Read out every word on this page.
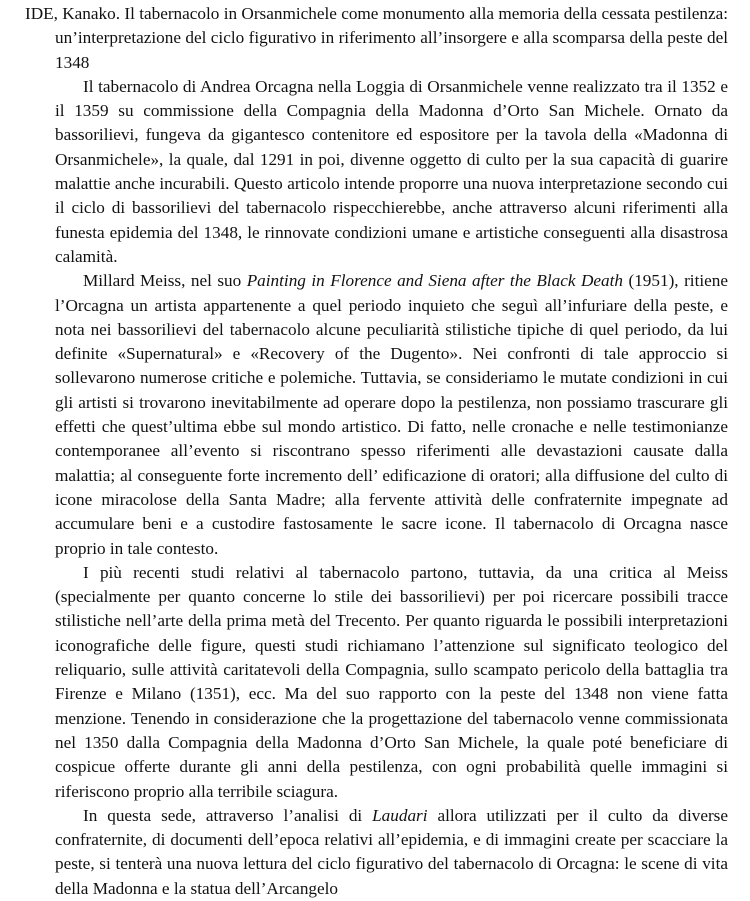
IDE, Kanako. Il tabernacolo in Orsanmichele come monumento alla memoria della cessata pestilenza: un’interpretazione del ciclo figurativo in riferimento all’insorgere e alla scomparsa della peste del 1348

Il tabernacolo di Andrea Orcagna nella Loggia di Orsanmichele venne realizzato tra il 1352 e il 1359 su commissione della Compagnia della Madonna d’Orto San Michele. Ornato da bassorilievi, fungeva da gigantesco contenitore ed espositore per la tavola della «Madonna di Orsanmichele», la quale, dal 1291 in poi, divenne oggetto di culto per la sua capacità di guarire malattie anche incurabili. Questo articolo intende proporre una nuova interpretazione secondo cui il ciclo di bassorilievi del tabernacolo rispecchierebbe, anche attraverso alcuni riferimenti alla funesta epidemia del 1348, le rinnovate condizioni umane e artistiche conseguenti alla disastrosa calamità.

Millard Meiss, nel suo Painting in Florence and Siena after the Black Death (1951), ritiene l’Orcagna un artista appartenente a quel periodo inquieto che seguì all’infuriare della peste, e nota nei bassorilievi del tabernacolo alcune peculiarità stilistiche tipiche di quel periodo, da lui definite «Supernatural» e «Recovery of the Dugento». Nei confronti di tale approccio si sollevarono numerose critiche e polemiche. Tuttavia, se consideriamo le mutate condizioni in cui gli artisti si trovarono inevitabilmente ad operare dopo la pestilenza, non possiamo trascurare gli effetti che quest’ultima ebbe sul mondo artistico. Di fatto, nelle cronache e nelle testimonianze contemporanee all’evento si riscontrano spesso riferimenti alle devastazioni causate dalla malattia; al conseguente forte incremento dell’ edificazione di oratori; alla diffusione del culto di icone miracolose della Santa Madre; alla fervente attività delle confraternite impegnate ad accumulare beni e a custodire fastosamente le sacre icone. Il tabernacolo di Orcagna nasce proprio in tale contesto.

I più recenti studi relativi al tabernacolo partono, tuttavia, da una critica al Meiss (specialmente per quanto concerne lo stile dei bassorilievi) per poi ricercare possibili tracce stilistiche nell’arte della prima metà del Trecento. Per quanto riguarda le possibili interpretazioni iconografiche delle figure, questi studi richiamano l’attenzione sul significato teologico del reliquario, sulle attività caritatevoli della Compagnia, sullo scampato pericolo della battaglia tra Firenze e Milano (1351), ecc. Ma del suo rapporto con la peste del 1348 non viene fatta menzione. Tenendo in considerazione che la progettazione del tabernacolo venne commissionata nel 1350 dalla Compagnia della Madonna d’Orto San Michele, la quale poté beneficiare di cospicue offerte durante gli anni della pestilenza, con ogni probabilità quelle immagini si riferiscono proprio alla terribile sciagura.

In questa sede, attraverso l’analisi di Laudari allora utilizzati per il culto da diverse confraternite, di documenti dell’epoca relativi all’epidemia, e di immagini create per scacciare la peste, si tenterà una nuova lettura del ciclo figurativo del tabernacolo di Orcagna: le scene di vita della Madonna e la statua dell’Arcangelo
